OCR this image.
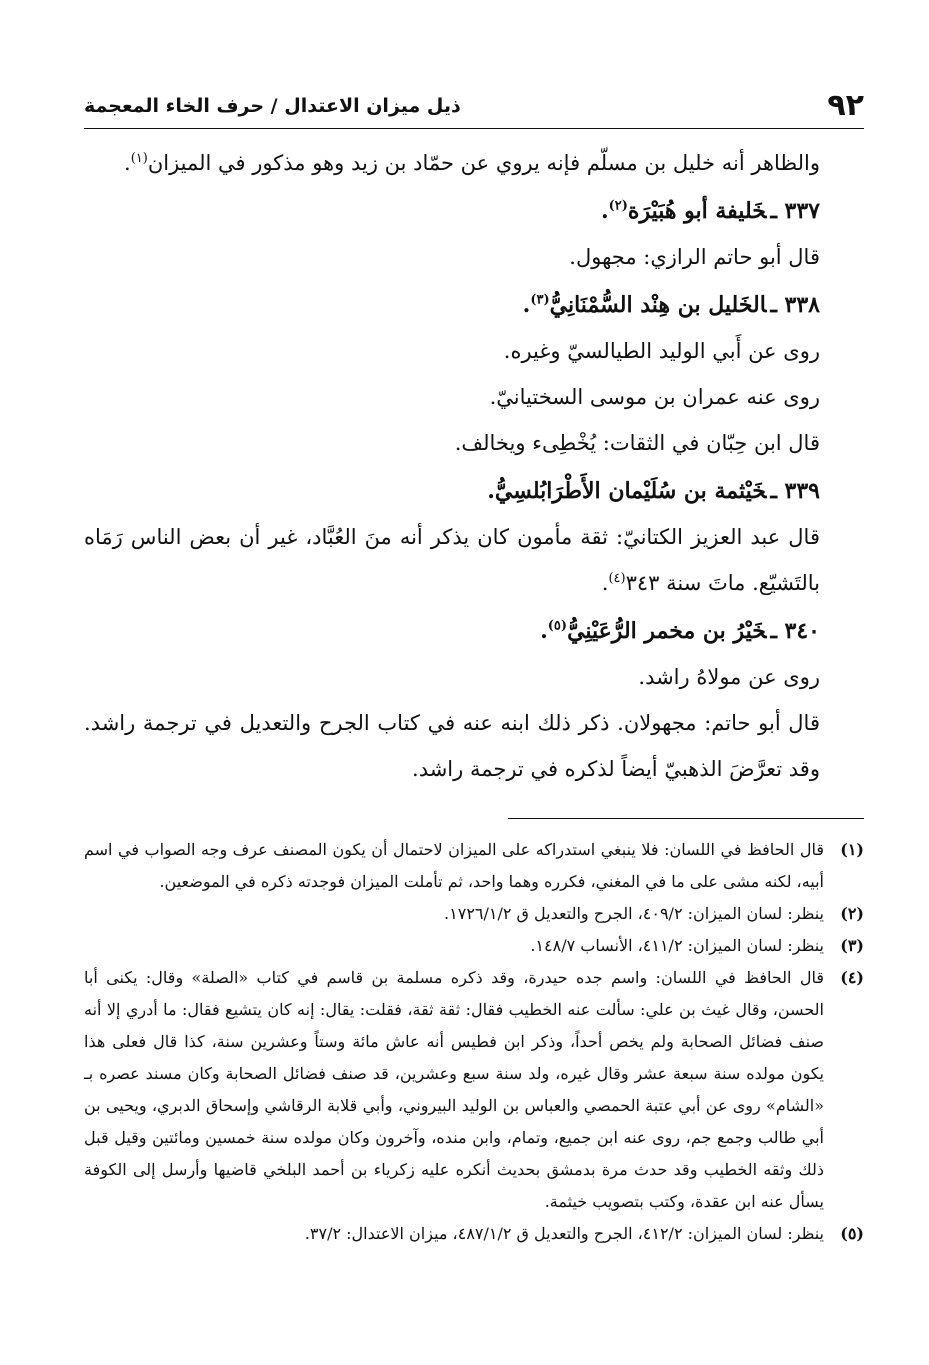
٩٢
ذيل ميزان الاعتدال / حرف الخاء المعجمة

والظاهر أنه خليل بن مسلّم فإنه يروي عن حمّاد بن زيد وهو مذكور في الميزان$^{(١)}$.

٣٣٧ ـخَليفة أبو هُبَيْرَة$^{(٢)}$.

قال أبو حاتم الرازي: مجهول.

٣٣٨ ـالخَليل بن هِنْد السُّمْنَانِيُّ$^{(٣)}$.

روى عن أَبي الوليد الطيالسيّ وغيره.

روى عنه عمران بن موسى السختيانيّ.

قال ابن حِبّان في الثقات: يُخْطِىء ويخالف.

٣٣٩ ـخَيْثمة بن سُلَيْمان الأَطْرَابُلسِيُّ.

قال عبد العزيز الكتانيّ: ثقة مأمون كان يذكر أنه منَ العُبَّاد، غير أن بعض الناس رَمَاه بالتَشيّع. ماتَ سنة ٣٤٣$^{(٤)}$.

٣٤٠ ـخَيْرُ بن مخمر الرُّعَيْنِيُّ$^{(٥)}$.

روى عن مولاهُ راشد.

قال أبو حاتم: مجهولان. ذكر ذلك ابنه عنه في كتاب الجرح والتعديل في ترجمة راشد. وقد تعرَّضَ الذهبيّ أيضاً لذكره في ترجمة راشد.

(١)
قال الحافظ في اللسان: فلا ينبغي استدراكه على الميزان لاحتمال أن يكون المصنف عرف وجه الصواب في اسم أبيه، لكنه مشى على ما في المغني، فكرره وهما واحد، ثم تأملت الميزان فوجدته ذكره في الموضعين.

(٢)
ينظر: لسان الميزان: ٤٠٩/٢، الجرح والتعديل ق ١٧٢٦/١/٢.

(٣)
ينظر: لسان الميزان: ٤١١/٢، الأنساب ١٤٨/٧.

(٤)
قال الحافظ في اللسان: واسم جده حيدرة، وقد ذكره مسلمة بن قاسم في كتاب «الصلة» وقال: يكنى أبا الحسن، وقال غيث بن علي: سألت عنه الخطيب فقال: ثقة ثقة، فقلت: يقال: إنه كان يتشيع فقال: ما أدري إلا أنه صنف فضائل الصحابة ولم يخص أحداً، وذكر ابن فطيس أنه عاش مائة وستاً وعشرين سنة، كذا قال فعلى هذا يكون مولده سنة سبعة عشر وقال غيره، ولد سنة سبع وعشرين، قد صنف فضائل الصحابة وكان مسند عصره بـ «الشام» روى عن أبي عتبة الحمصي والعباس بن الوليد البيروني، وأبي قلابة الرقاشي وإسحاق الدبري، ويحيى بن أبي طالب وجمع جم، روى عنه ابن جميع، وتمام، وابن منده، وآخرون وكان مولده سنة خمسين ومائتين وقيل قبل ذلك وثقه الخطيب وقد حدث مرة بدمشق بحديث أنكره عليه زكرياء بن أحمد البلخي قاضيها وأرسل إلى الكوفة يسأل عنه ابن عقدة، وكتب بتصويب خيثمة.

(٥)
ينظر: لسان الميزان: ٤١٢/٢، الجرح والتعديل ق ٤٨٧/١/٢، ميزان الاعتدال: ٣٧/٢.
